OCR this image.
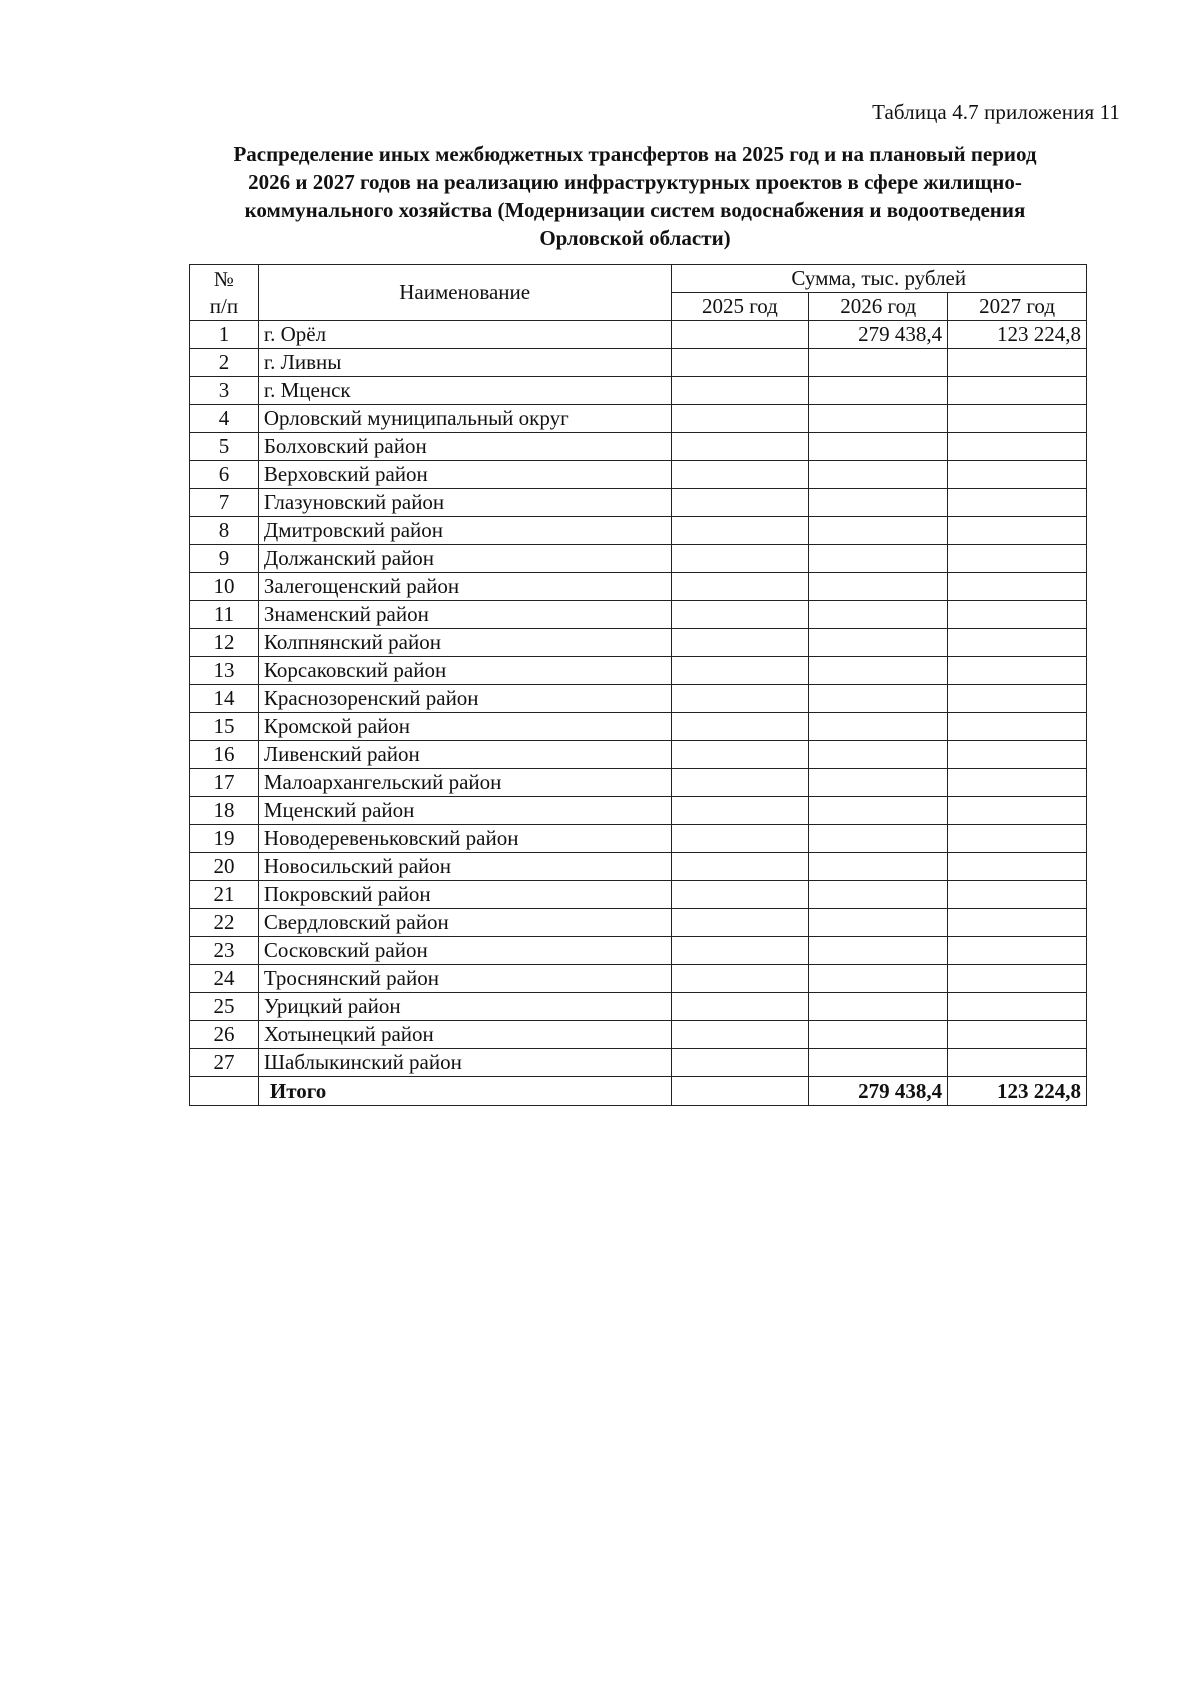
Таблица 4.7 приложения 11
Распределение иных межбюджетных трансфертов на 2025 год и на плановый период
2026 и 2027 годов на реализацию инфраструктурных проектов в сфере жилищно-
коммунального хозяйства (Модернизации систем водоснабжения и водоотведения
Орловской области)
№
п/п	Наименование	Сумма, тыс. рублей		
		2025 год	2026 год	2027 год
1	г. Орёл		279 438,4	123 224,8
2	г. Ливны			
3	г. Мценск			
4	Орловский муниципальный округ			
5	Болховский район			
6	Верховский район			
7	Глазуновский район			
8	Дмитровский район			
9	Должанский район			
10	Залегощенский район			
11	Знаменский район			
12	Колпнянский район			
13	Корсаковский район			
14	Краснозоренский район			
15	Кромской район			
16	Ливенский район			
17	Малоархангельский район			
18	Мценский район			
19	Новодеревеньковский район			
20	Новосильский район			
21	Покровский район			
22	Свердловский район			
23	Сосковский район			
24	Троснянский район			
25	Урицкий район			
26	Хотынецкий район			
27	Шаблыкинский район			
	Итого		279 438,4	123 224,8
